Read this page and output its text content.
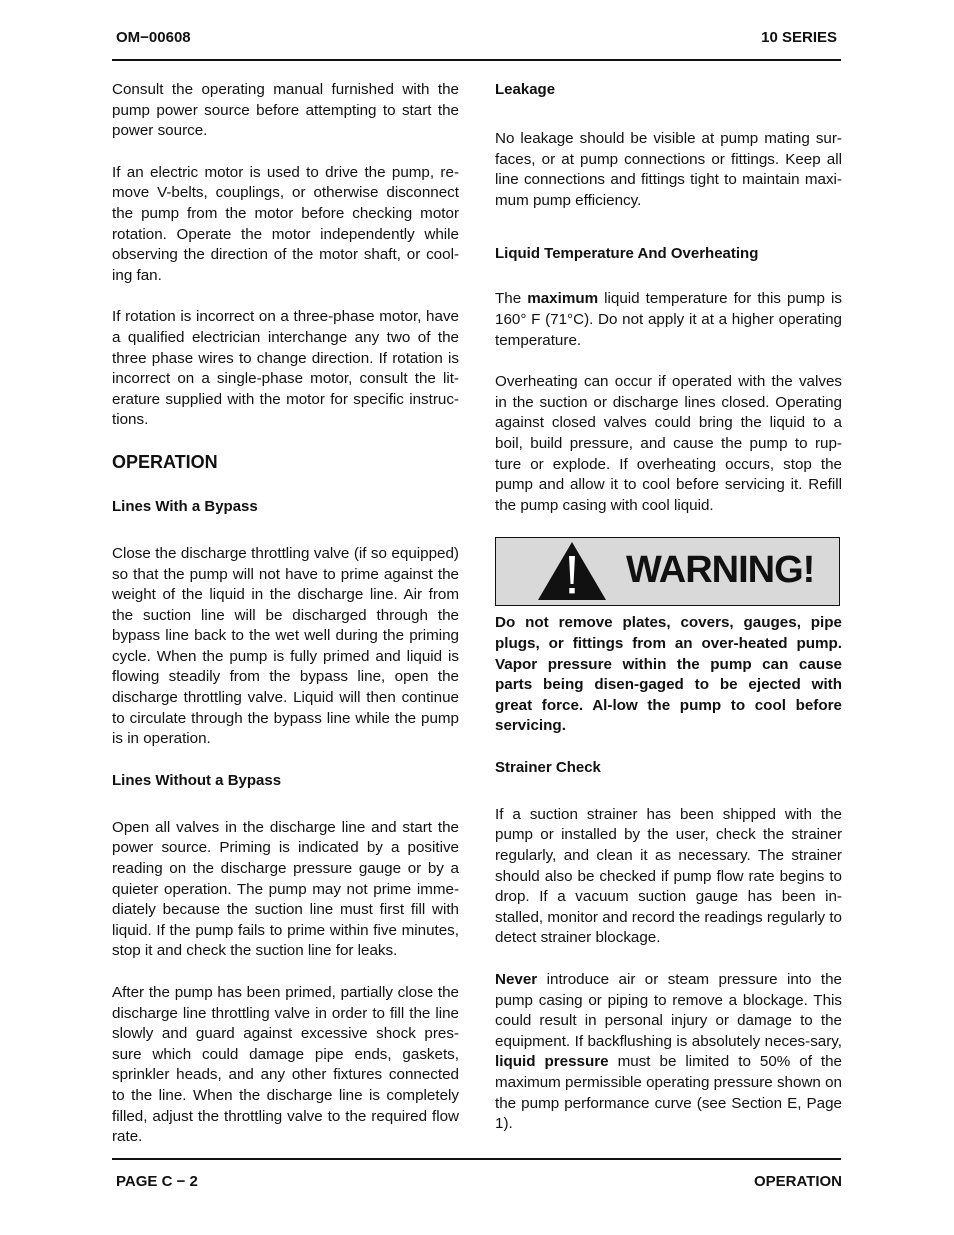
OM−00608	10 SERIES

Consult the operating manual furnished with the pump power source before attempting to start the power source.

If an electric motor is used to drive the pump, re-move V-belts, couplings, or otherwise disconnect the pump from the motor before checking motor rotation. Operate the motor independently while observing the direction of the motor shaft, or cool-ing fan.

If rotation is incorrect on a three-phase motor, have a qualified electrician interchange any two of the three phase wires to change direction. If rotation is incorrect on a single-phase motor, consult the lit-erature supplied with the motor for specific instruc-tions.

OPERATION
Lines With a Bypass

Close the discharge throttling valve (if so equipped) so that the pump will not have to prime against the weight of the liquid in the discharge line. Air from the suction line will be discharged through the bypass line back to the wet well during the priming cycle. When the pump is fully primed and liquid is flowing steadily from the bypass line, open the discharge throttling valve. Liquid will then continue to circulate through the bypass line while the pump is in operation.

Lines Without a Bypass

Open all valves in the discharge line and start the power source. Priming is indicated by a positive reading on the discharge pressure gauge or by a quieter operation. The pump may not prime imme-diately because the suction line must first fill with liquid. If the pump fails to prime within five minutes, stop it and check the suction line for leaks.

After the pump has been primed, partially close the discharge line throttling valve in order to fill the line slowly and guard against excessive shock pres-sure which could damage pipe ends, gaskets, sprinkler heads, and any other fixtures connected to the line. When the discharge line is completely filled, adjust the throttling valve to the required flow rate.

Leakage

No leakage should be visible at pump mating sur-faces, or at pump connections or fittings. Keep all line connections and fittings tight to maintain maxi-mum pump efficiency.

Liquid Temperature And Overheating

The maximum liquid temperature for this pump is 160° F (71°C). Do not apply it at a higher operating temperature.

Overheating can occur if operated with the valves in the suction or discharge lines closed. Operating against closed valves could bring the liquid to a boil, build pressure, and cause the pump to rup-ture or explode. If overheating occurs, stop the pump and allow it to cool before servicing it. Refill the pump casing with cool liquid.

WARNING!

Do not remove plates, covers, gauges, pipe plugs, or fittings from an over-heated pump. Vapor pressure within the pump can cause parts being disen-gaged to be ejected with great force. Al-low the pump to cool before servicing.

Strainer Check

If a suction strainer has been shipped with the pump or installed by the user, check the strainer regularly, and clean it as necessary. The strainer should also be checked if pump flow rate begins to drop. If a vacuum suction gauge has been in-stalled, monitor and record the readings regularly to detect strainer blockage.

Never introduce air or steam pressure into the pump casing or piping to remove a blockage. This could result in personal injury or damage to the equipment. If backflushing is absolutely neces-sary, liquid pressure must be limited to 50% of the maximum permissible operating pressure shown on the pump performance curve (see Section E, Page 1).

PAGE C − 2	OPERATION
